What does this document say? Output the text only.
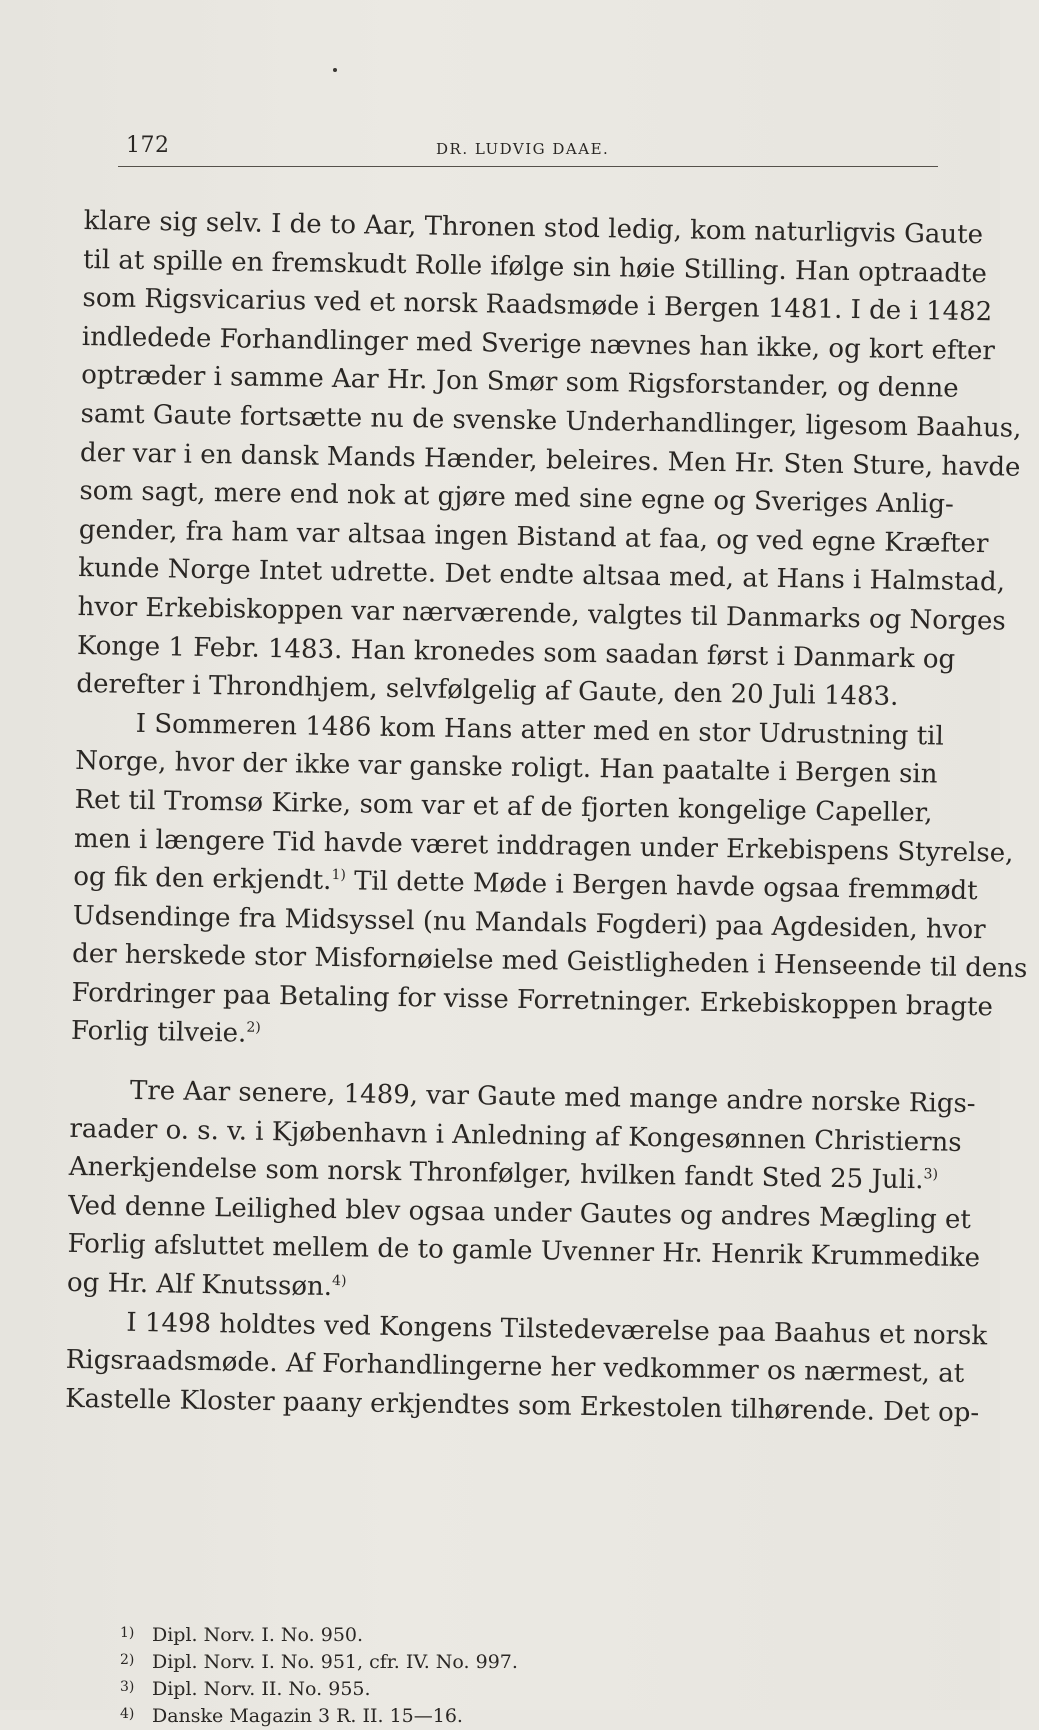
172	DR. LUDVIG DAAE.
klare sig selv. I de to Aar, Thronen stod ledig, kom naturligvis Gaute
til at spille en fremskudt Rolle ifølge sin høie Stilling. Han optraadte
som Rigsvicarius ved et norsk Raadsmøde i Bergen 1481. I de i 1482
indledede Forhandlinger med Sverige nævnes han ikke, og kort efter
optræder i samme Aar Hr. Jon Smør som Rigsforstander, og denne
samt Gaute fortsætte nu de svenske Underhandlinger, ligesom Baahus,
der var i en dansk Mands Hænder, beleires. Men Hr. Sten Sture, havde
som sagt, mere end nok at gjøre med sine egne og Sveriges Anlig-
gender, fra ham var altsaa ingen Bistand at faa, og ved egne Kræfter
kunde Norge Intet udrette. Det endte altsaa med, at Hans i Halmstad,
hvor Erkebiskoppen var nærværende, valgtes til Danmarks og Norges
Konge 1 Febr. 1483. Han kronedes som saadan først i Danmark og
derefter i Throndhjem, selvfølgelig af Gaute, den 20 Juli 1483.
I Sommeren 1486 kom Hans atter med en stor Udrustning til
Norge, hvor der ikke var ganske roligt. Han paatalte i Bergen sin
Ret til Tromsø Kirke, som var et af de fjorten kongelige Capeller,
men i længere Tid havde været inddragen under Erkebispens Styrelse,
og fik den erkjendt.$^{1)}$ Til dette Møde i Bergen havde ogsaa fremmødt
Udsendinge fra Midsyssel (nu Mandals Fogderi) paa Agdesiden, hvor
der herskede stor Misfornøielse med Geistligheden i Henseende til dens
Fordringer paa Betaling for visse Forretninger. Erkebiskoppen bragte
Forlig tilveie.$^{2)}$
Tre Aar senere, 1489, var Gaute med mange andre norske Rigs-
raader o. s. v. i Kjøbenhavn i Anledning af Kongesønnen Christierns
Anerkjendelse som norsk Thronfølger, hvilken fandt Sted 25 Juli.$^{3)}$
Ved denne Leilighed blev ogsaa under Gautes og andres Mægling et
Forlig afsluttet mellem de to gamle Uvenner Hr. Henrik Krummedike
og Hr. Alf Knutssøn.$^{4)}$
I 1498 holdtes ved Kongens Tilstedeværelse paa Baahus et norsk
Rigsraadsmøde. Af Forhandlingerne her vedkommer os nærmest, at
Kastelle Kloster paany erkjendtes som Erkestolen tilhørende. Det op-
1) Dipl. Norv. I. No. 950.
2) Dipl. Norv. I. No. 951, cfr. IV. No. 997.
3) Dipl. Norv. II. No. 955.
4) Danske Magazin 3 R. II. 15—16.
